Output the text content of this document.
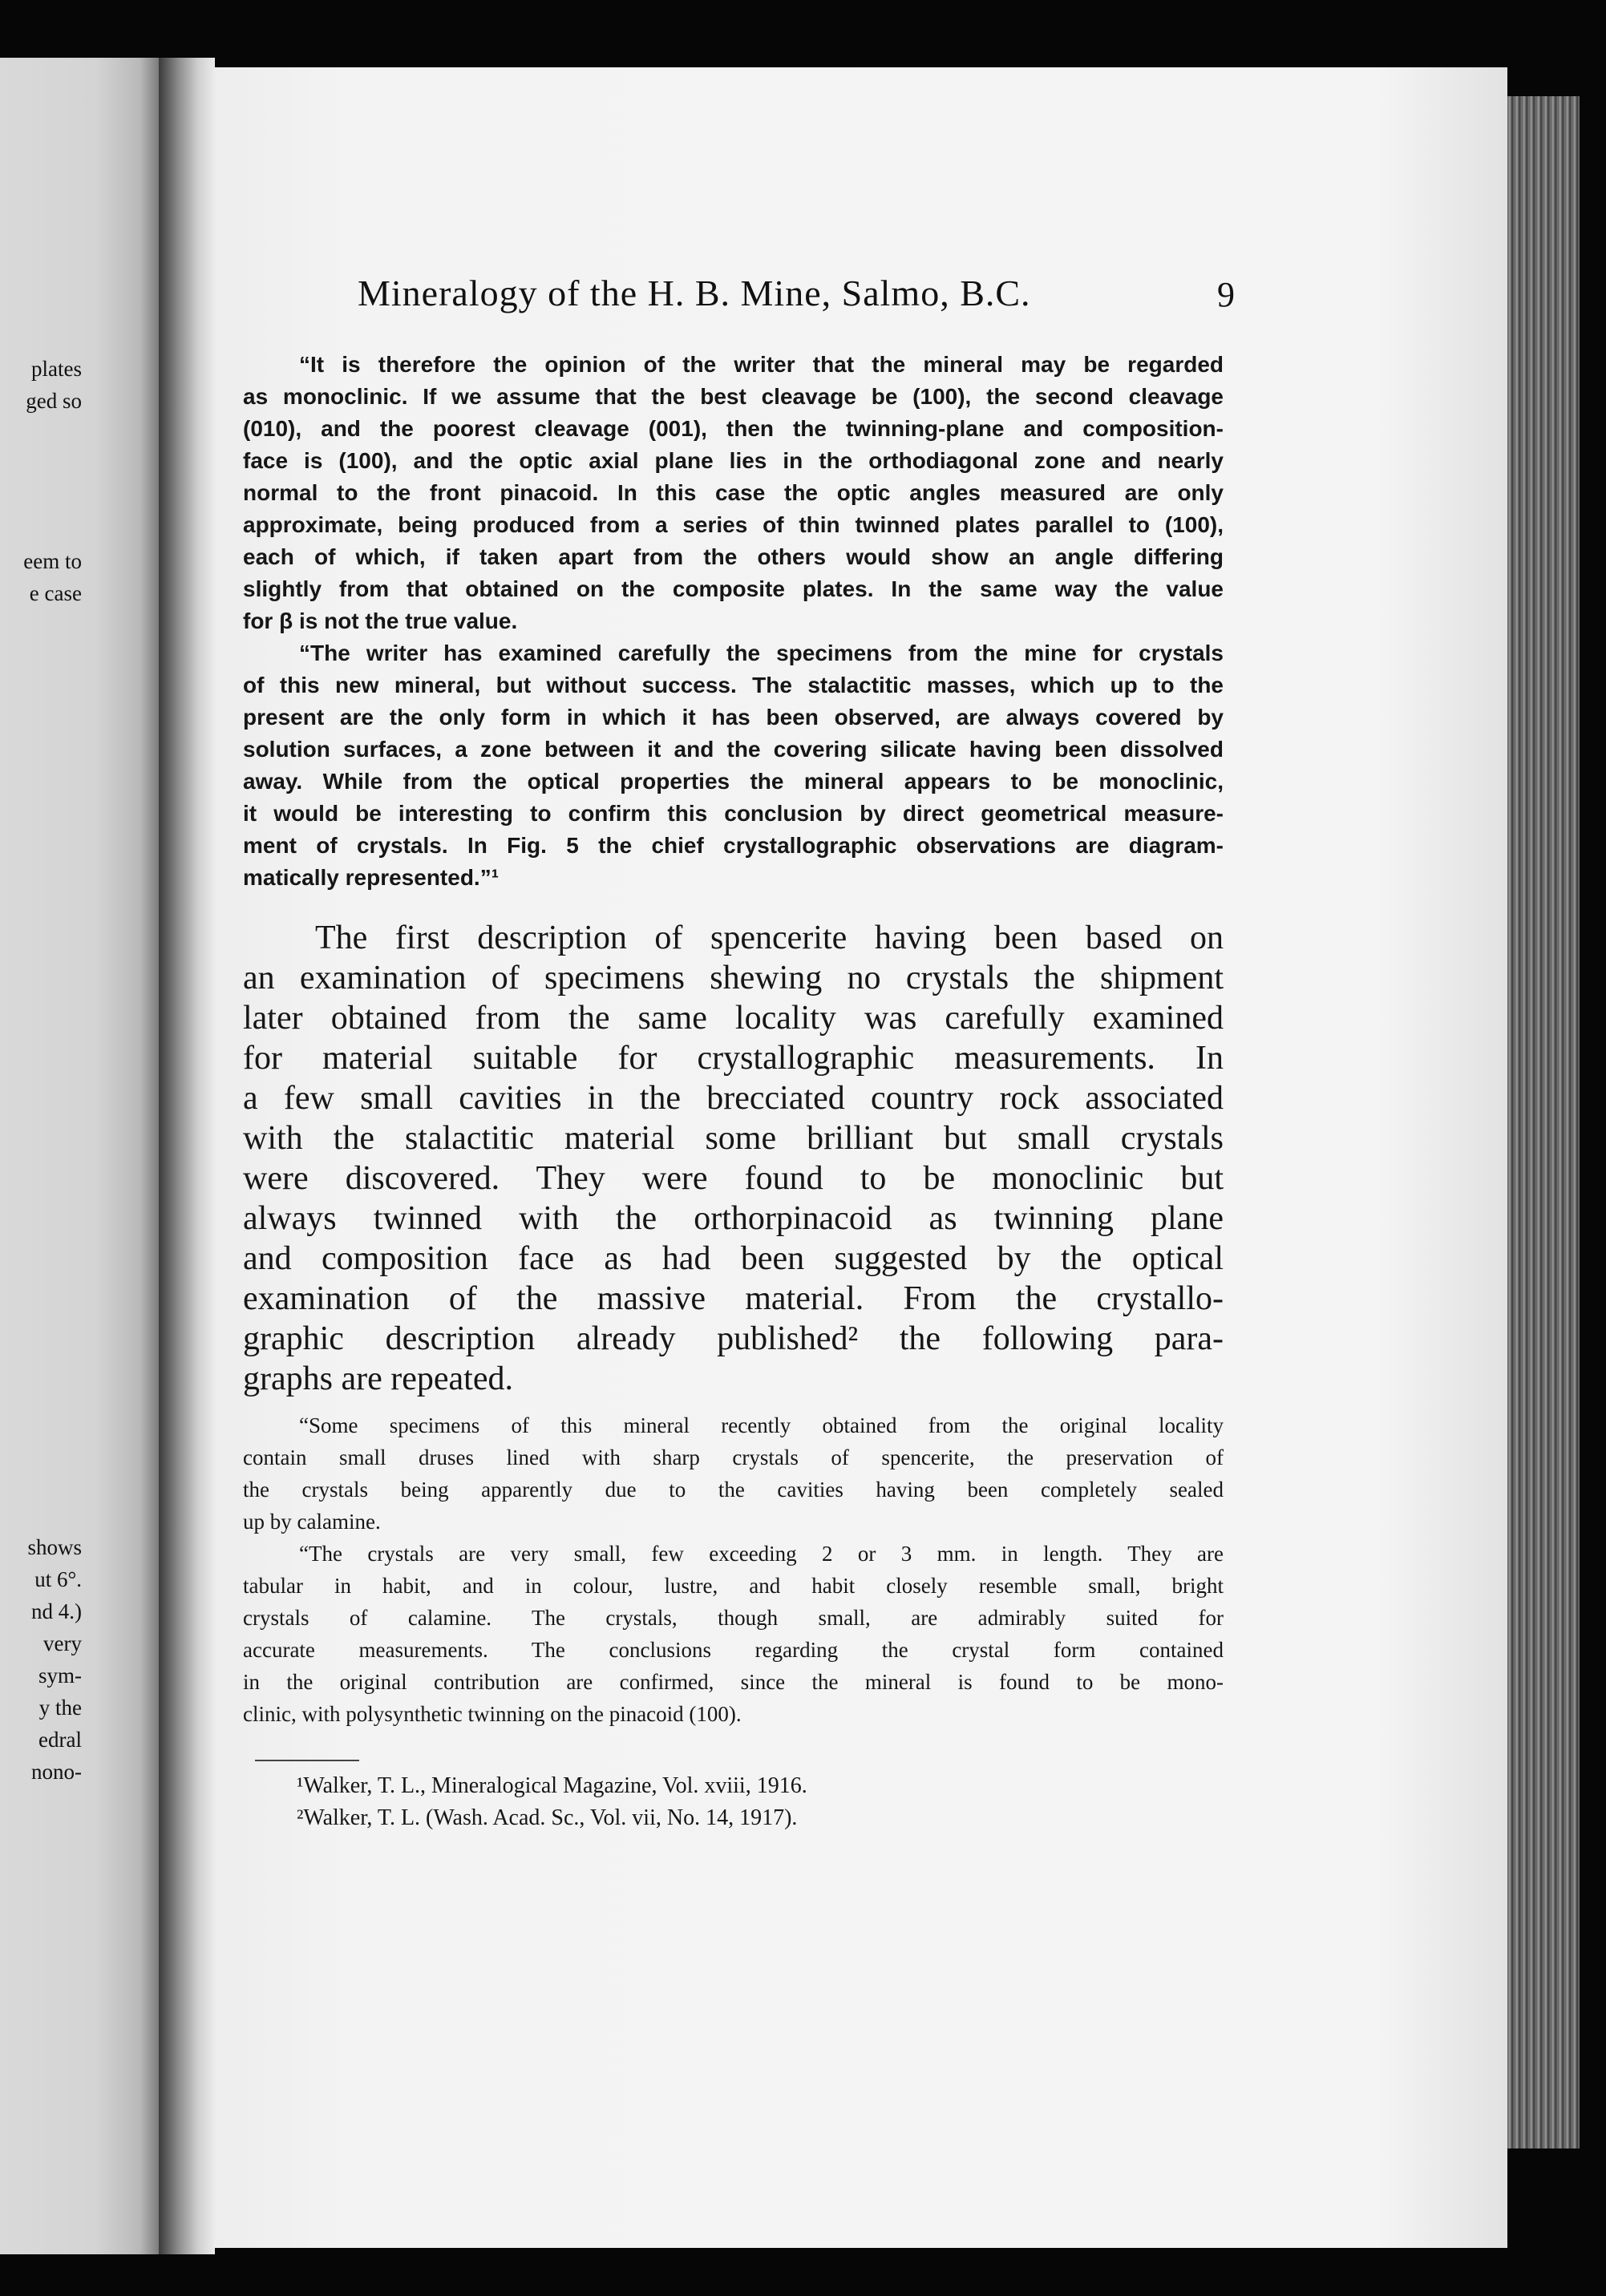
plates

ged so

eem to

e case

shows

ut 6°.

nd 4.)

very

sym-

y the

edral

nono-

Mineralogy of the H. B. Mine, Salmo, B.C.	9

“It is therefore the opinion of the writer that the mineral may be regarded

as monoclinic. If we assume that the best cleavage be (100), the second cleavage

(010), and the poorest cleavage (001), then the twinning-plane and composition-

face is (100), and the optic axial plane lies in the orthodiagonal zone and nearly

normal to the front pinacoid. In this case the optic angles measured are only

approximate, being produced from a series of thin twinned plates parallel to (100),

each of which, if taken apart from the others would show an angle differing

slightly from that obtained on the composite plates. In the same way the value

for β is not the true value.

“The writer has examined carefully the specimens from the mine for crystals

of this new mineral, but without success. The stalactitic masses, which up to the

present are the only form in which it has been observed, are always covered by

solution surfaces, a zone between it and the covering silicate having been dissolved

away. While from the optical properties the mineral appears to be monoclinic,

it would be interesting to confirm this conclusion by direct geometrical measure-

ment of crystals. In Fig. 5 the chief crystallographic observations are diagram-

matically represented.”¹

The first description of spencerite having been based on

an examination of specimens shewing no crystals the shipment

later obtained from the same locality was carefully examined

for material suitable for crystallographic measurements. In

a few small cavities in the brecciated country rock associated

with the stalactitic material some brilliant but small crystals

were discovered. They were found to be monoclinic but

always twinned with the orthorpinacoid as twinning plane

and composition face as had been suggested by the optical

examination of the massive material. From the crystallo-

graphic description already published² the following para-

graphs are repeated.

“Some specimens of this mineral recently obtained from the original locality

contain small druses lined with sharp crystals of spencerite, the preservation of

the crystals being apparently due to the cavities having been completely sealed

up by calamine.

“The crystals are very small, few exceeding 2 or 3 mm. in length. They are

tabular in habit, and in colour, lustre, and habit closely resemble small, bright

crystals of calamine. The crystals, though small, are admirably suited for

accurate measurements. The conclusions regarding the crystal form contained

in the original contribution are confirmed, since the mineral is found to be mono-

clinic, with polysynthetic twinning on the pinacoid (100).

¹Walker, T. L., Mineralogical Magazine, Vol. xviii, 1916.

²Walker, T. L. (Wash. Acad. Sc., Vol. vii, No. 14, 1917).
